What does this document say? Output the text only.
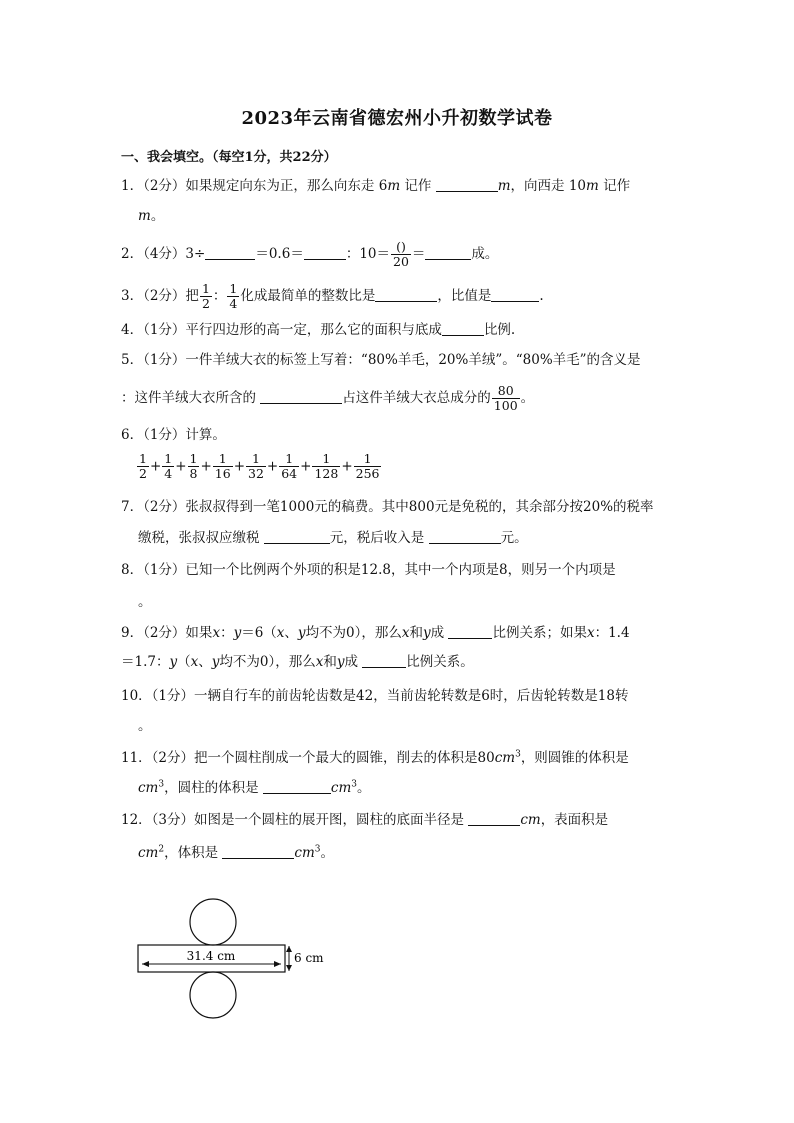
2023年云南省德宏州小升初数学试卷
一、我会填空。（每空1分，共22分）
1．（2分）如果规定向东为正，那么向东走 6m 记作	m，向西走 10m 记作
m。
2．（4分）3÷	＝0.6＝	：$10= \frac{()}{20}$ ＝	成。
3．（2分）把 $\frac{1}{2}$ ： $\frac{1}{4}$ 化成最简单的整数比是	，比值是	.
4．（1分）平行四边形的高一定，那么它的面积与底成	比例.
5．（1分）一件羊绒大衣的标签上写着：“80%羊毛，20%羊绒”。“80%羊毛”的含义是
：这件羊绒大衣所含的	占这件羊绒大衣总成分的 $\frac{80}{100}$ 。
6．（1分）计算。
$\frac{1}{2} + \frac{1}{4} + \frac{1}{8} + \frac{1}{16} + \frac{1}{32} + \frac{1}{64} + \frac{1}{128} + \frac{1}{256}$
7．（2分）张叔叔得到一笔1000元的稿费。其中800元是免税的，其余部分按20%的税率
缴税，张叔叔应缴税	元，税后收入是	元。
8．（1分）已知一个比例两个外项的积是12.8，其中一个内项是8，则另一个内项是
。
9．（2分）如果x：y＝6（x、y均不为0），那么x和y成	比例关系；如果x：1.4
＝1.7：y（x、y均不为0），那么x和y成	比例关系。
10．（1分）一辆自行车的前齿轮齿数是42，当前齿轮转数是6时，后齿轮转数是18转
。
11．（2分）把一个圆柱削成一个最大的圆锥，削去的体积是$80cm^3$，则圆锥的体积是
$cm^3$，圆柱的体积是	$cm^3$。
12．（3分）如图是一个圆柱的展开图，圆柱的底面半径是	cm，表面积是
$cm^2$，体积是	$cm^3$。
31.4 cm	6 cm
